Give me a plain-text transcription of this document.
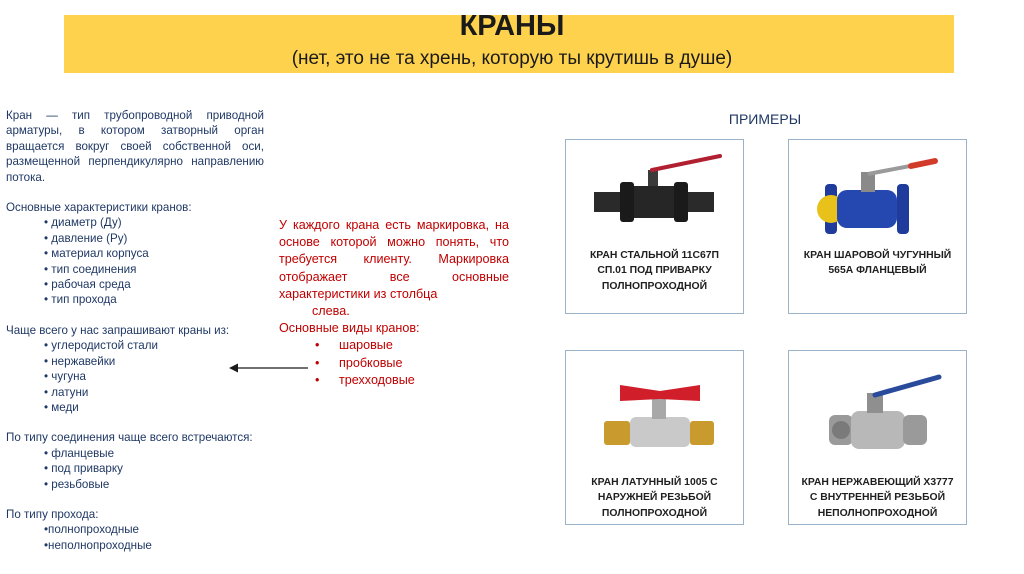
КРАНЫ
(нет, это не та хрень, которую ты крутишь в душе)

Кран — тип трубопроводной приводной арматуры, в котором затворный орган вращается вокруг своей собственной оси, размещенной перпендикулярно направлению потока.

Основные характеристики кранов:

• диаметр (Ду)
• давление (Ру)
• материал корпуса
• тип соединения
• рабочая среда
• тип прохода

Чаще всего у нас запрашивают краны из:

• углеродистой стали
• нержавейки
• чугуна
• латуни
• меди

По типу соединения чаще всего встречаются:

• фланцевые
• под приварку
• резьбовые

По типу прохода:

•полнопроходные

•неполнопроходные

У каждого крана есть маркировка, на основе которой можно понять, что требуется клиенту. Маркировка отображает все основные характеристики из столбца

слева.

Основные виды кранов:

• шаровые
• пробковые
• трехходовые
ПРИМЕРЫ
КРАН СТАЛЬНОЙ 11С67П
СП.01 ПОД ПРИВАРКУ
ПОЛНОПРОХОДНОЙ
КРАН ШАРОВОЙ ЧУГУННЫЙ
565А ФЛАНЦЕВЫЙ
КРАН ЛАТУННЫЙ 1005 С
НАРУЖНЕЙ РЕЗЬБОЙ
ПОЛНОПРОХОДНОЙ
КРАН НЕРЖАВЕЮЩИЙ Х3777
С ВНУТРЕННЕЙ РЕЗЬБОЙ
НЕПОЛНОПРОХОДНОЙ
